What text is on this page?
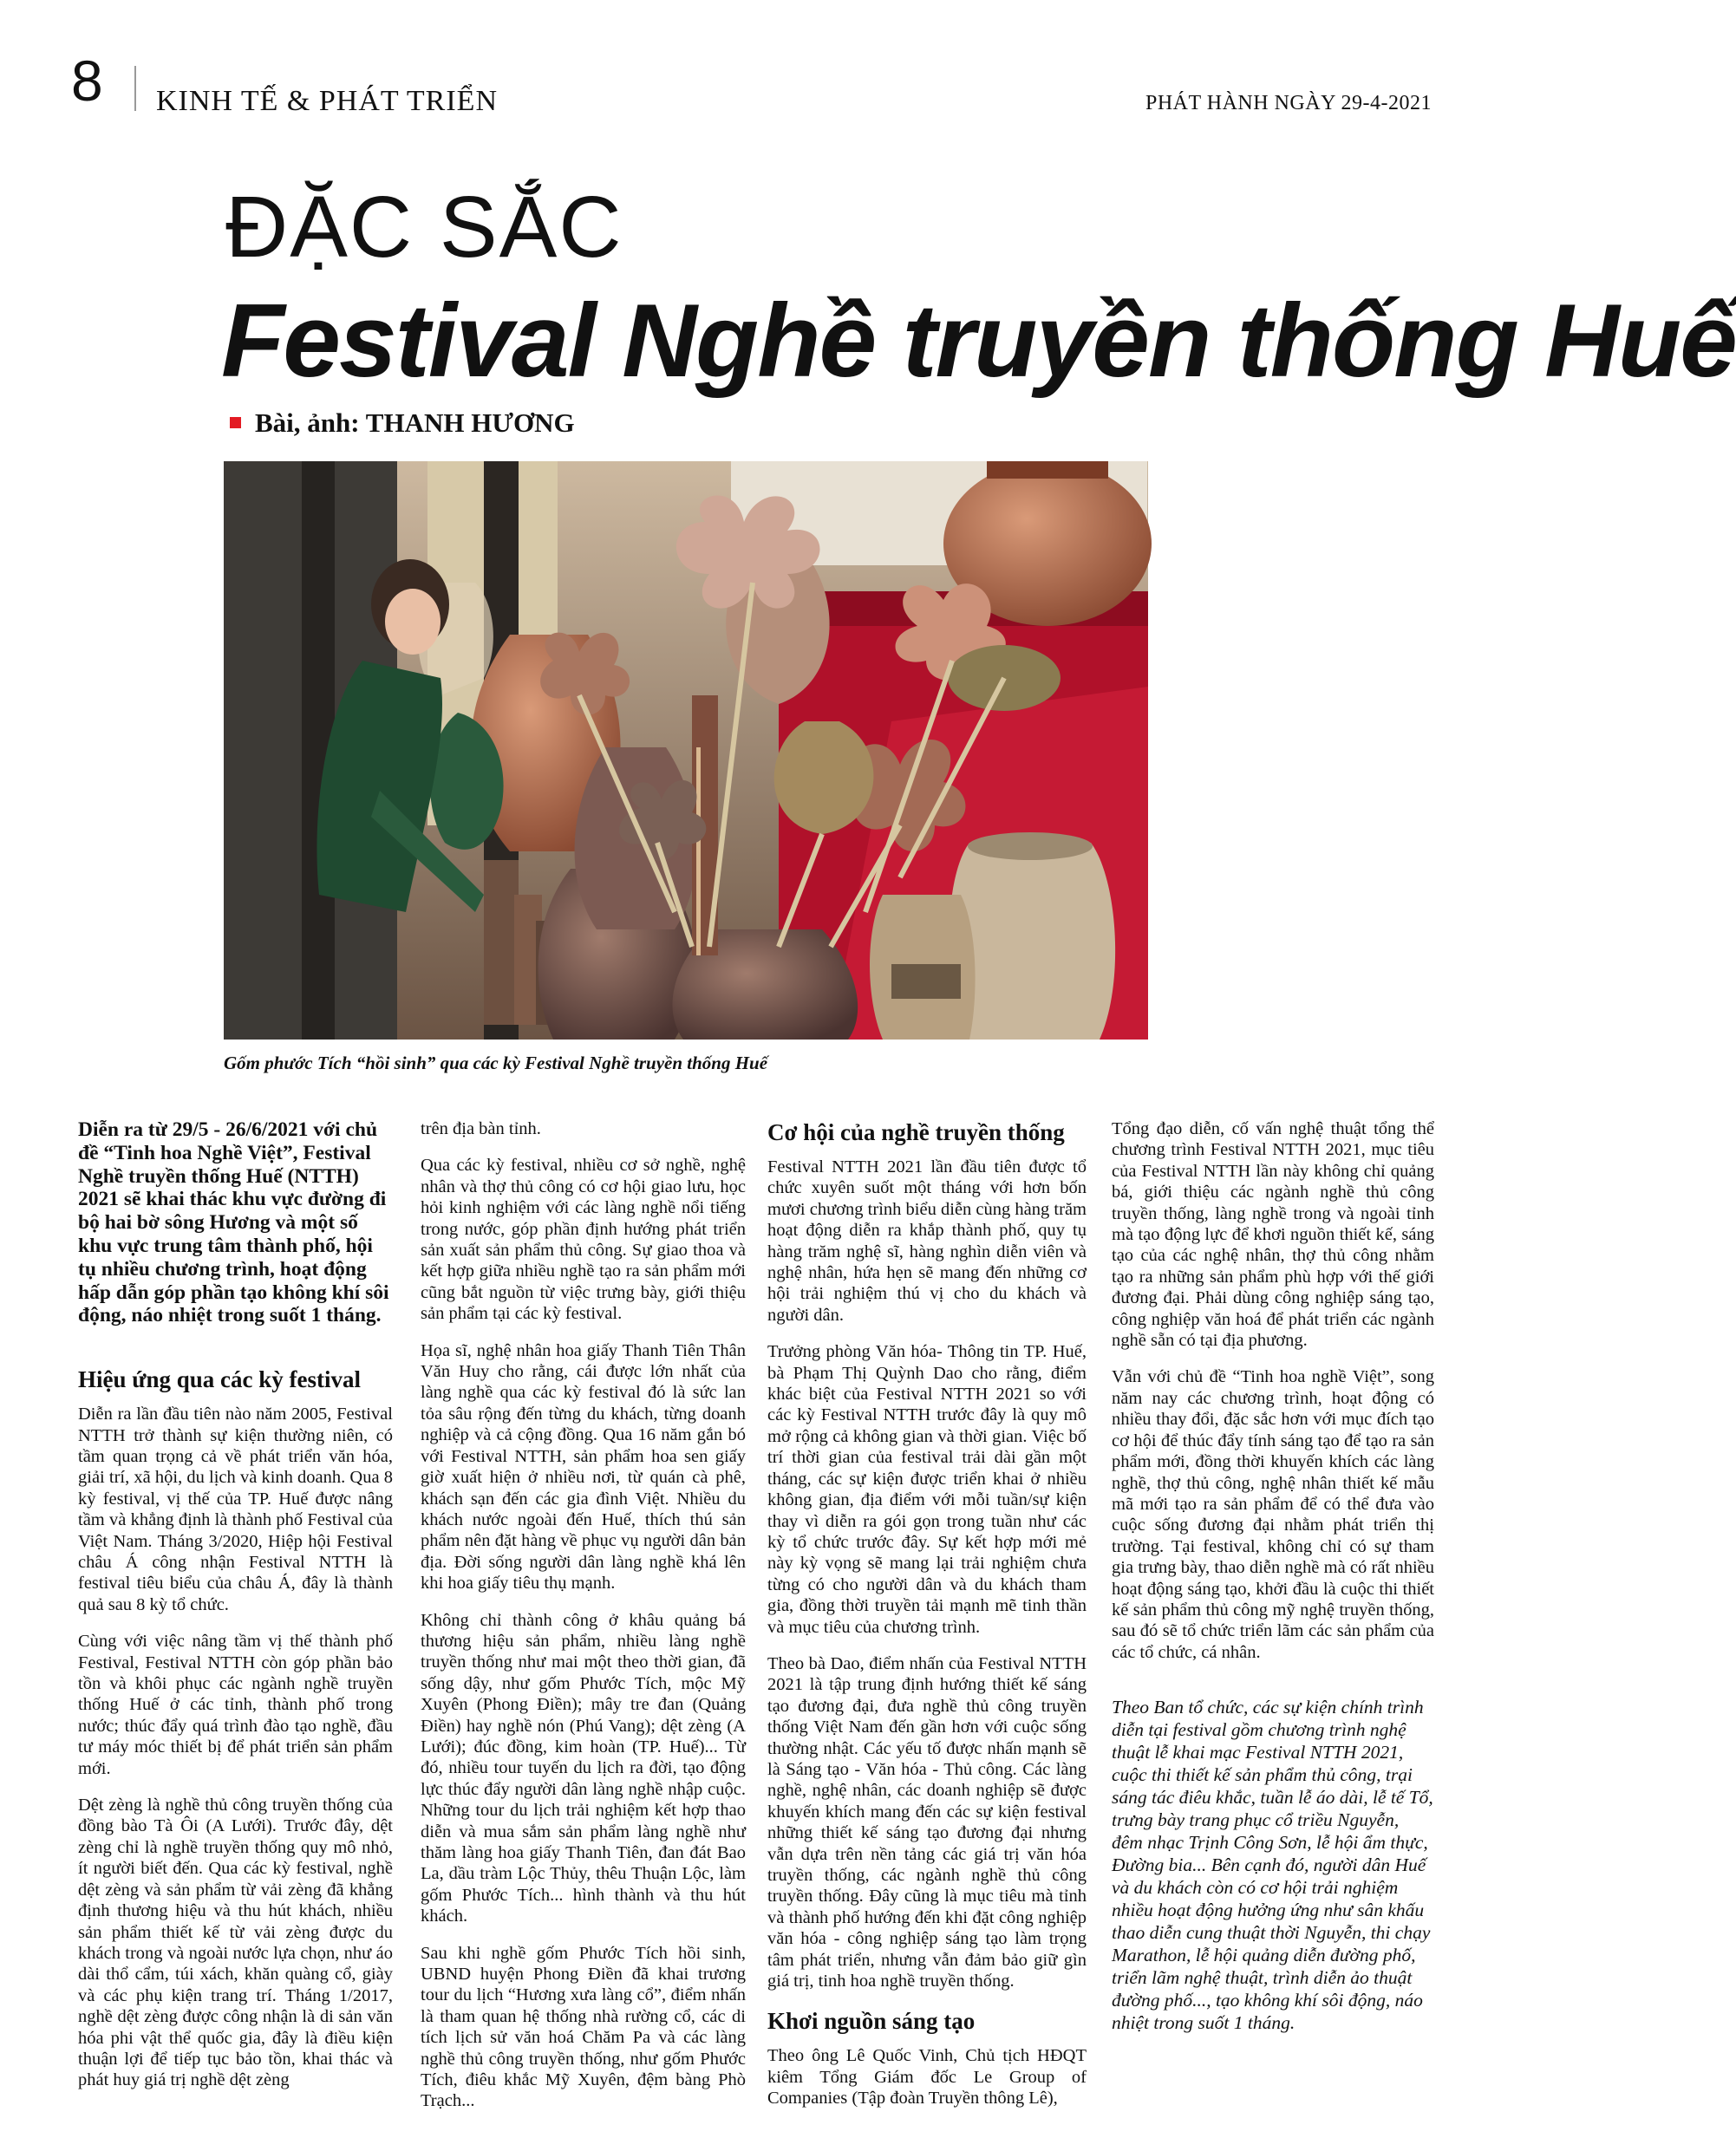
8 KINH TẾ & PHÁT TRIỂN	PHÁT HÀNH NGÀY 29-4-2021
ĐẶC SẮC
Festival Nghề truyền thống Huế
Bài, ảnh: THANH HƯƠNG
Gốm phước Tích “hồi sinh” qua các kỳ Festival Nghề truyền thống Huế

Diễn ra từ 29/5 - 26/6/2021 với chủ đề “Tinh hoa Nghề Việt”, Festival Nghề truyền thống Huế (NTTH) 2021 sẽ khai thác khu vực đường đi bộ hai bờ sông Hương và một số khu vực trung tâm thành phố, hội tụ nhiều chương trình, hoạt động hấp dẫn góp phần tạo không khí sôi động, náo nhiệt trong suốt 1 tháng.

Hiệu ứng qua các kỳ festival

Diễn ra lần đầu tiên nào năm 2005, Festival NTTH trở thành sự kiện thường niên, có tầm quan trọng cả về phát triển văn hóa, giải trí, xã hội, du lịch và kinh doanh. Qua 8 kỳ festival, vị thế của TP. Huế được nâng tầm và khẳng định là thành phố Festival của Việt Nam. Tháng 3/2020, Hiệp hội Festival châu Á công nhận Festival NTTH là festival tiêu biểu của châu Á, đây là thành quả sau 8 kỳ tổ chức.

Cùng với việc nâng tầm vị thế thành phố Festival, Festival NTTH còn góp phần bảo tồn và khôi phục các ngành nghề truyền thống Huế ở các tỉnh, thành phố trong nước; thúc đẩy quá trình đào tạo nghề, đầu tư máy móc thiết bị để phát triển sản phẩm mới.

Dệt zèng là nghề thủ công truyền thống của đồng bào Tà Ôi (A Lưới). Trước đây, dệt zèng chỉ là nghề truyền thống quy mô nhỏ, ít người biết đến. Qua các kỳ festival, nghề dệt zèng và sản phẩm từ vải zèng đã khẳng định thương hiệu và thu hút khách, nhiều sản phẩm thiết kế từ vải zèng được du khách trong và ngoài nước lựa chọn, như áo dài thổ cẩm, túi xách, khăn quàng cổ, giày và các phụ kiện trang trí. Tháng 1/2017, nghề dệt zèng được công nhận là di sản văn hóa phi vật thể quốc gia, đây là điều kiện thuận lợi để tiếp tục bảo tồn, khai thác và phát huy giá trị nghề dệt zèng

trên địa bàn tỉnh.

Qua các kỳ festival, nhiều cơ sở nghề, nghệ nhân và thợ thủ công có cơ hội giao lưu, học hỏi kinh nghiệm với các làng nghề nổi tiếng trong nước, góp phần định hướng phát triển sản xuất sản phẩm thủ công. Sự giao thoa và kết hợp giữa nhiều nghề tạo ra sản phẩm mới cũng bắt nguồn từ việc trưng bày, giới thiệu sản phẩm tại các kỳ festival.

Họa sĩ, nghệ nhân hoa giấy Thanh Tiên Thân Văn Huy cho rằng, cái được lớn nhất của làng nghề qua các kỳ festival đó là sức lan tỏa sâu rộng đến từng du khách, từng doanh nghiệp và cả cộng đồng. Qua 16 năm gắn bó với Festival NTTH, sản phẩm hoa sen giấy giờ xuất hiện ở nhiều nơi, từ quán cà phê, khách sạn đến các gia đình Việt. Nhiều du khách nước ngoài đến Huế, thích thú sản phẩm nên đặt hàng về phục vụ người dân bản địa. Đời sống người dân làng nghề khá lên khi hoa giấy tiêu thụ mạnh.

Không chỉ thành công ở khâu quảng bá thương hiệu sản phẩm, nhiều làng nghề truyền thống như mai một theo thời gian, đã sống dậy, như gốm Phước Tích, mộc Mỹ Xuyên (Phong Điền); mây tre đan (Quảng Điền) hay nghề nón (Phú Vang); dệt zèng (A Lưới); đúc đồng, kim hoàn (TP. Huế)... Từ đó, nhiều tour tuyến du lịch ra đời, tạo động lực thúc đẩy người dân làng nghề nhập cuộc. Những tour du lịch trải nghiệm kết hợp thao diễn và mua sắm sản phẩm làng nghề như thăm làng hoa giấy Thanh Tiên, đan đát Bao La, dầu tràm Lộc Thủy, thêu Thuận Lộc, làm gốm Phước Tích... hình thành và thu hút khách.

Sau khi nghề gốm Phước Tích hồi sinh, UBND huyện Phong Điền đã khai trương tour du lịch “Hương xưa làng cổ”, điểm nhấn là tham quan hệ thống nhà rường cổ, các di tích lịch sử văn hoá Chăm Pa và các làng nghề thủ công truyền thống, như gốm Phước Tích, điêu khắc Mỹ Xuyên, đệm bàng Phò Trạch...

Cơ hội của nghề truyền thống

Festival NTTH 2021 lần đầu tiên được tổ chức xuyên suốt một tháng với hơn bốn mươi chương trình biểu diễn cùng hàng trăm hoạt động diễn ra khắp thành phố, quy tụ hàng trăm nghệ sĩ, hàng nghìn diễn viên và nghệ nhân, hứa hẹn sẽ mang đến những cơ hội trải nghiệm thú vị cho du khách và người dân.

Trưởng phòng Văn hóa- Thông tin TP. Huế, bà Phạm Thị Quỳnh Dao cho rằng, điểm khác biệt của Festival NTTH 2021 so với các kỳ Festival NTTH trước đây là quy mô mở rộng cả không gian và thời gian. Việc bố trí thời gian của festival trải dài gần một tháng, các sự kiện được triển khai ở nhiều không gian, địa điểm với mỗi tuần/sự kiện thay vì diễn ra gói gọn trong tuần như các kỳ tổ chức trước đây. Sự kết hợp mới mẻ này kỳ vọng sẽ mang lại trải nghiệm chưa từng có cho người dân và du khách tham gia, đồng thời truyền tải mạnh mẽ tinh thần và mục tiêu của chương trình.

Theo bà Dao, điểm nhấn của Festival NTTH 2021 là tập trung định hướng thiết kế sáng tạo đương đại, đưa nghề thủ công truyền thống Việt Nam đến gần hơn với cuộc sống thường nhật. Các yếu tố được nhấn mạnh sẽ là Sáng tạo - Văn hóa - Thủ công. Các làng nghề, nghệ nhân, các doanh nghiệp sẽ được khuyến khích mang đến các sự kiện festival những thiết kế sáng tạo đương đại nhưng vẫn dựa trên nền tảng các giá trị văn hóa truyền thống, các ngành nghề thủ công truyền thống. Đây cũng là mục tiêu mà tỉnh và thành phố hướng đến khi đặt công nghiệp văn hóa - công nghiệp sáng tạo làm trọng tâm phát triển, nhưng vẫn đảm bảo giữ gìn giá trị, tinh hoa nghề truyền thống.

Khơi nguồn sáng tạo

Theo ông Lê Quốc Vinh, Chủ tịch HĐQT kiêm Tổng Giám đốc Le Group of Companies (Tập đoàn Truyền thông Lê),

Tổng đạo diễn, cố vấn nghệ thuật tổng thể chương trình Festival NTTH 2021, mục tiêu của Festival NTTH lần này không chỉ quảng bá, giới thiệu các ngành nghề thủ công truyền thống, làng nghề trong và ngoài tỉnh mà tạo động lực để khơi nguồn thiết kế, sáng tạo của các nghệ nhân, thợ thủ công nhằm tạo ra những sản phẩm phù hợp với thế giới đương đại. Phải dùng công nghiệp sáng tạo, công nghiệp văn hoá để phát triển các ngành nghề sẵn có tại địa phương.

Vẫn với chủ đề “Tinh hoa nghề Việt”, song năm nay các chương trình, hoạt động có nhiều thay đổi, đặc sắc hơn với mục đích tạo cơ hội để thúc đẩy tính sáng tạo để tạo ra sản phẩm mới, đồng thời khuyến khích các làng nghề, thợ thủ công, nghệ nhân thiết kế mẫu mã mới tạo ra sản phẩm để có thể đưa vào cuộc sống đương đại nhằm phát triển thị trường. Tại festival, không chỉ có sự tham gia trưng bày, thao diễn nghề mà có rất nhiều hoạt động sáng tạo, khởi đầu là cuộc thi thiết kế sản phẩm thủ công mỹ nghệ truyền thống, sau đó sẽ tổ chức triển lãm các sản phẩm của các tổ chức, cá nhân.

Theo Ban tổ chức, các sự kiện chính trình diễn tại festival gồm chương trình nghệ thuật lễ khai mạc Festival NTTH 2021, cuộc thi thiết kế sản phẩm thủ công, trại sáng tác điêu khắc, tuần lễ áo dài, lễ tế Tổ, trưng bày trang phục cổ triều Nguyễn, đêm nhạc Trịnh Công Sơn, lễ hội ẩm thực, Đường bia... Bên cạnh đó, người dân Huế và du khách còn có cơ hội trải nghiệm nhiều hoạt động hưởng ứng như sân khấu thao diễn cung thuật thời Nguyễn, thi chạy Marathon, lễ hội quảng diễn đường phố, triển lãm nghệ thuật, trình diễn ảo thuật đường phố..., tạo không khí sôi động, náo nhiệt trong suốt 1 tháng.
